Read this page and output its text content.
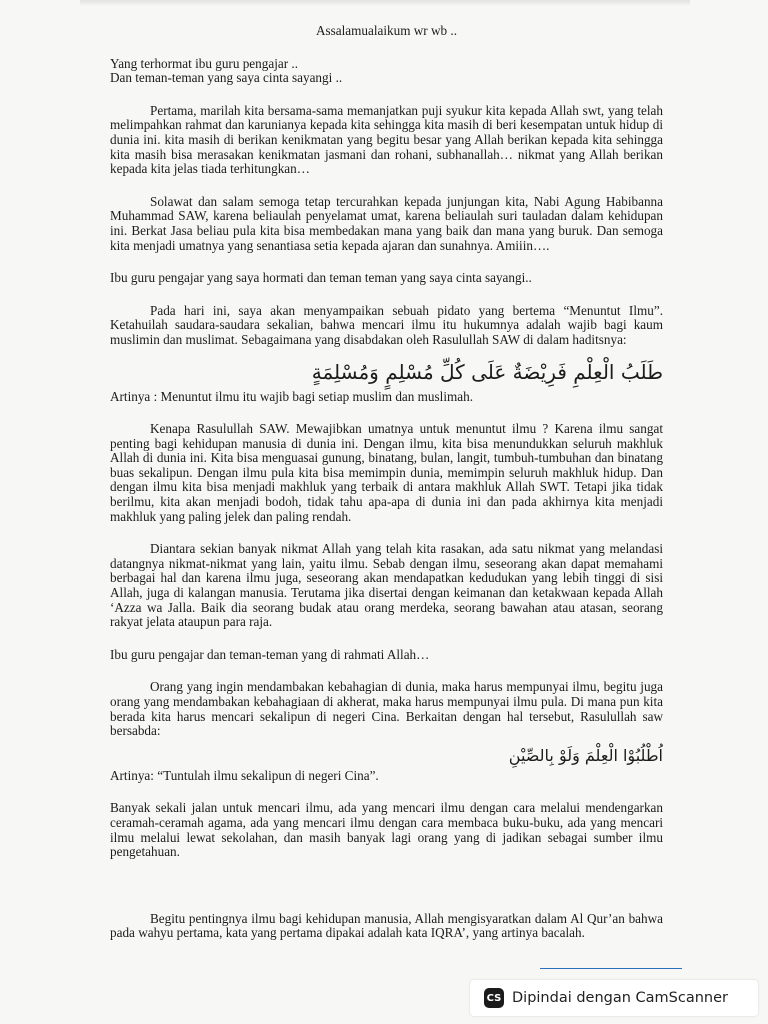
Assalamualaikum wr wb ..

Yang terhormat ibu guru pengajar ..

Dan teman-teman yang saya cinta sayangi ..

Pertama, marilah kita bersama-sama memanjatkan puji syukur kita kepada Allah swt, yang telah melimpahkan rahmat dan karunianya kepada kita sehingga kita masih di beri kesempatan untuk hidup di dunia ini. kita masih di berikan kenikmatan yang begitu besar yang Allah berikan kepada kita sehingga kita masih bisa merasakan kenikmatan jasmani dan rohani, subhanallah… nikmat yang Allah berikan kepada kita jelas tiada terhitungkan…

Solawat dan salam semoga tetap tercurahkan kepada junjungan kita, Nabi Agung Habibanna Muhammad SAW, karena beliaulah penyelamat umat, karena beliaulah suri tauladan dalam kehidupan ini. Berkat Jasa beliau pula kita bisa membedakan mana yang baik dan mana yang buruk. Dan semoga kita menjadi umatnya yang senantiasa setia kepada ajaran dan sunahnya. Amiiin….

Ibu guru pengajar yang saya hormati dan teman teman yang saya cinta sayangi..

Pada hari ini, saya akan menyampaikan sebuah pidato yang bertema “Menuntut Ilmu”. Ketahuilah saudara-saudara sekalian, bahwa mencari ilmu itu hukumnya adalah wajib bagi kaum muslimin dan muslimat. Sebagaimana yang disabdakan oleh Rasulullah SAW di dalam haditsnya:

طَلَبُ الْعِلْمِ فَرِيْضَةٌ عَلَى كُلِّ مُسْلِمٍ وَمُسْلِمَةٍ

Artinya : Menuntut ilmu itu wajib bagi setiap muslim dan muslimah.

Kenapa Rasulullah SAW. Mewajibkan umatnya untuk menuntut ilmu ? Karena ilmu sangat penting bagi kehidupan manusia di dunia ini. Dengan ilmu, kita bisa menundukkan seluruh makhluk Allah di dunia ini. Kita bisa menguasai gunung, binatang, bulan, langit, tumbuh-tumbuhan dan binatang buas sekalipun. Dengan ilmu pula kita bisa memimpin dunia, memimpin seluruh makhluk hidup. Dan dengan ilmu kita bisa menjadi makhluk yang terbaik di antara makhluk Allah SWT. Tetapi jika tidak berilmu, kita akan menjadi bodoh, tidak tahu apa-apa di dunia ini dan pada akhirnya kita menjadi makhluk yang paling jelek dan paling rendah.

Diantara sekian banyak nikmat Allah yang telah kita rasakan, ada satu nikmat yang melandasi datangnya nikmat-nikmat yang lain, yaitu ilmu. Sebab dengan ilmu, seseorang akan dapat memahami berbagai hal dan karena ilmu juga, seseorang akan mendapatkan kedudukan yang lebih tinggi di sisi Allah, juga di kalangan manusia. Terutama jika disertai dengan keimanan dan ketakwaan kepada Allah ‘Azza wa Jalla. Baik dia seorang budak atau orang merdeka, seorang bawahan atau atasan, seorang rakyat jelata ataupun para raja.

Ibu guru pengajar dan teman-teman yang di rahmati Allah…

Orang yang ingin mendambakan kebahagian di dunia, maka harus mempunyai ilmu, begitu juga orang yang mendambakan kebahagiaan di akherat, maka harus mempunyai ilmu pula. Di mana pun kita berada kita harus mencari sekalipun di negeri Cina. Berkaitan dengan hal tersebut, Rasulullah saw bersabda:

اُطْلُبُوْا الْعِلْمَ وَلَوْ بِالصِّيْنِ

Artinya: “Tuntulah ilmu sekalipun di negeri Cina”.

Banyak sekali jalan untuk mencari ilmu, ada yang mencari ilmu dengan cara melalui mendengarkan ceramah-ceramah agama, ada yang mencari ilmu dengan cara membaca buku-buku, ada yang mencari ilmu melalui lewat sekolahan, dan masih banyak lagi orang yang di jadikan sebagai sumber ilmu pengetahuan.

Begitu pentingnya ilmu bagi kehidupan manusia, Allah mengisyaratkan dalam Al Qur’an bahwa pada wahyu pertama, kata yang pertama dipakai adalah kata IQRA’, yang artinya bacalah.

CS Dipindai dengan CamScanner
